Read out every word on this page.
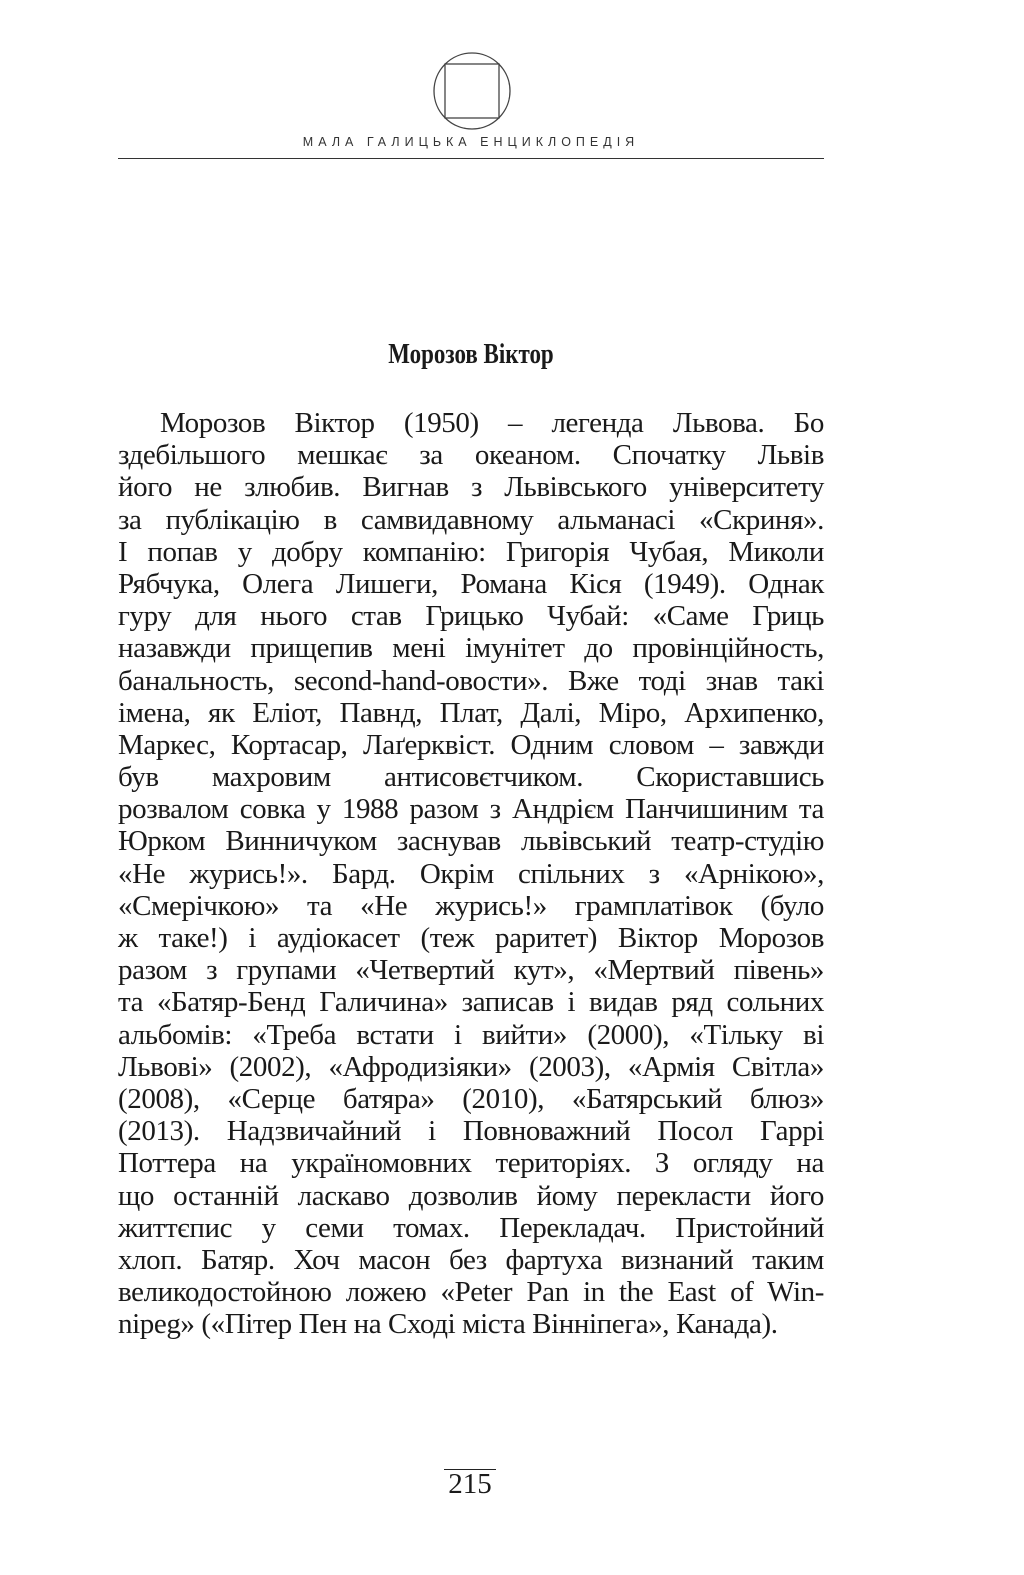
МАЛА ГАЛИЦЬКА ЕНЦИКЛОПЕДІЯ
Морозов Віктор
Морозов Віктор (1950) – легенда Львова. Бо
здебільшого мешкає за океаном. Спочатку Львів
його не злюбив. Вигнав з Львівського університету
за публікацію в самвидавному альманасі «Скриня».
І попав у добру компанію: Григорія Чубая, Миколи
Рябчука, Олега Лишеги, Романа Кіся (1949). Однак
гуру для нього став Грицько Чубай: «Саме Гриць
назавжди прищепив мені імунітет до провінційность,
банальность, second-hand-овости». Вже тоді знав такі
імена, як Еліот, Павнд, Плат, Далі, Міро, Архипенко,
Маркес, Кортасар, Лаґерквіст. Одним словом – завжди
був махровим антисовєтчиком. Скориставшись
розвалом совка у 1988 разом з Андрієм Панчишиним та
Юрком Винничуком заснував львівський театр-студію
«Не журись!». Бард. Окрім спільних з «Арнікою»,
«Смерічкою» та «Не журись!» грамплатівок (було
ж таке!) і аудіокасет (теж раритет) Віктор Морозов
разом з групами «Четвертий кут», «Мертвий півень»
та «Батяр-Бенд Галичина» записав і видав ряд сольних
альбомів: «Треба встати і вийти» (2000), «Тільку ві
Львові» (2002), «Афродизіяки» (2003), «Армія Світла»
(2008), «Серце батяра» (2010), «Батярський блюз»
(2013). Надзвичайний і Повноважний Посол Гаррі
Поттера на україномовних територіях. З огляду на
що останній ласкаво дозволив йому перекласти його
життєпис у семи томах. Перекладач. Пристойний
хлоп. Батяр. Хоч масон без фартуха визнаний таким
великодостойною ложею «Peter Pan in the East of Win-
nipeg» («Пітер Пен на Сході міста Вінніпега», Канада).
215
